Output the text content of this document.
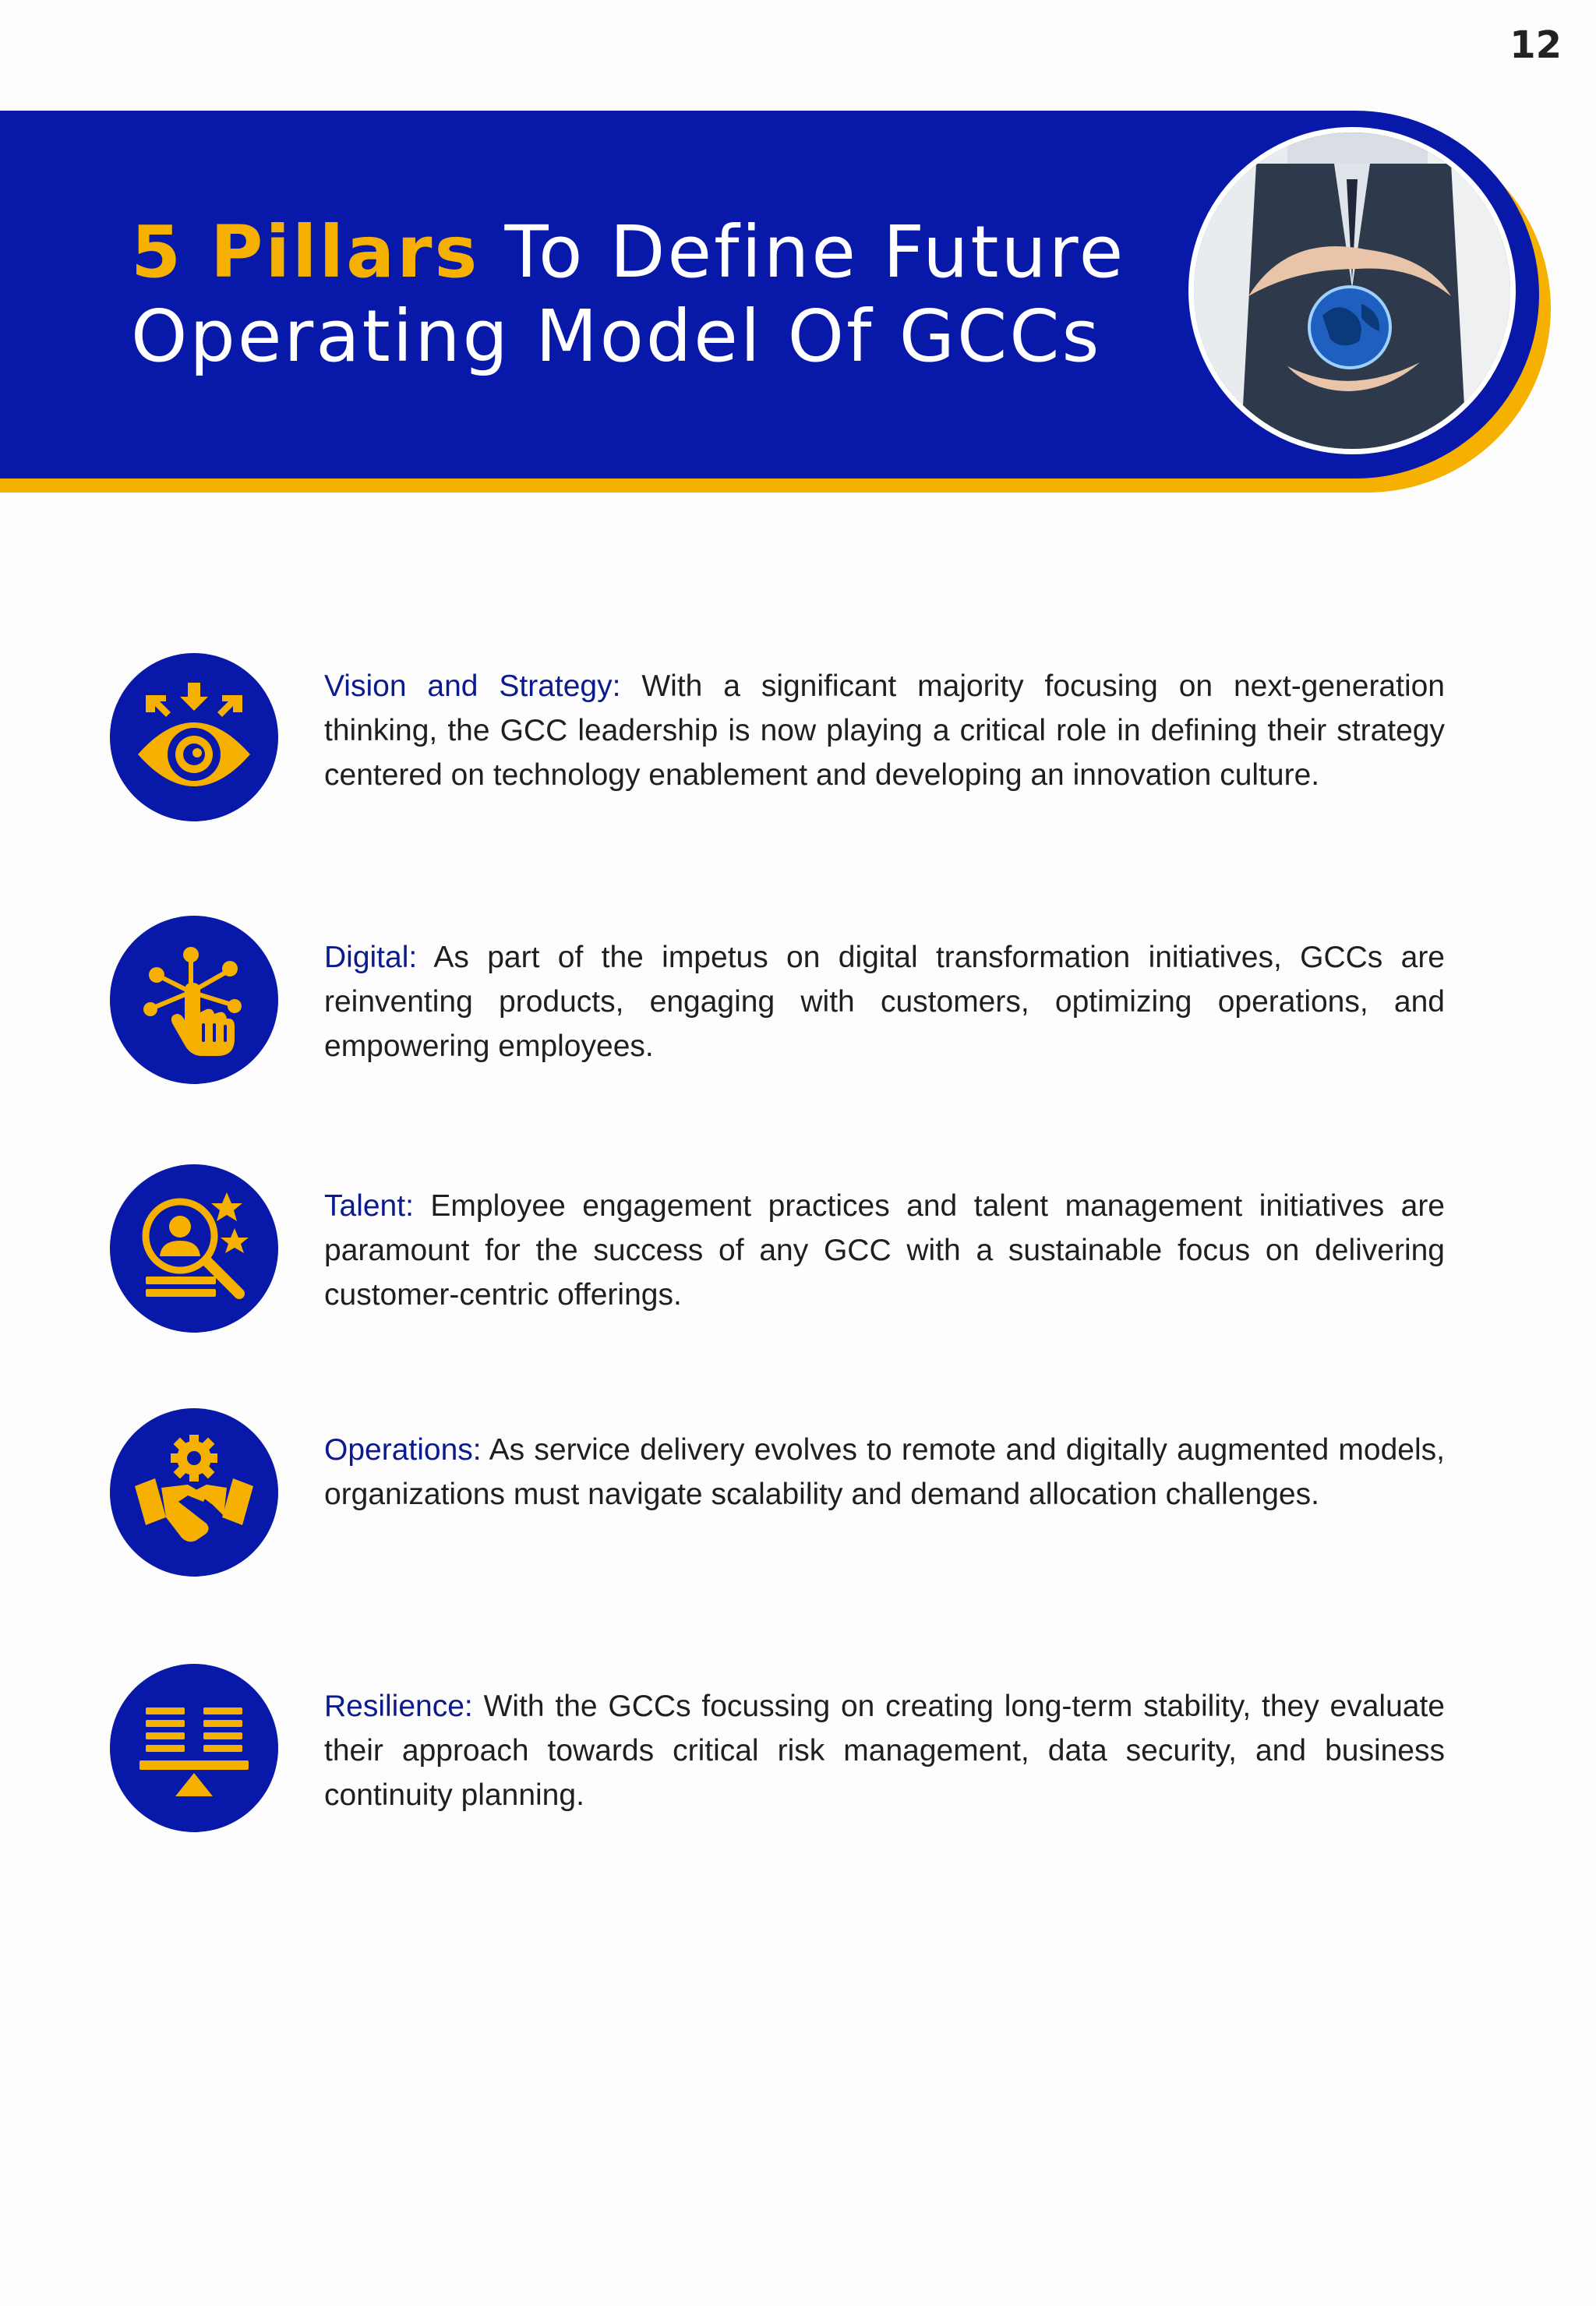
12
5 Pillars To Define Future
Operating Model Of GCCs

Vision and Strategy: With a significant majority focusing on next-generation thinking, the GCC leadership is now playing a critical role in defining their strategy centered on technology enablement and developing an innovation culture.

Digital: As part of the impetus on digital transformation initiatives, GCCs are reinventing products, engaging with customers, optimizing operations, and empowering employees.

Talent: Employee engagement practices and talent management initiatives are paramount for the success of any GCC with a sustainable focus on delivering customer-centric offerings.

Operations: As service delivery evolves to remote and digitally augmented models, organizations must navigate scalability and demand allocation challenges.

Resilience: With the GCCs focussing on creating long-term stability, they evaluate their approach towards critical risk management, data security, and business continuity planning.
